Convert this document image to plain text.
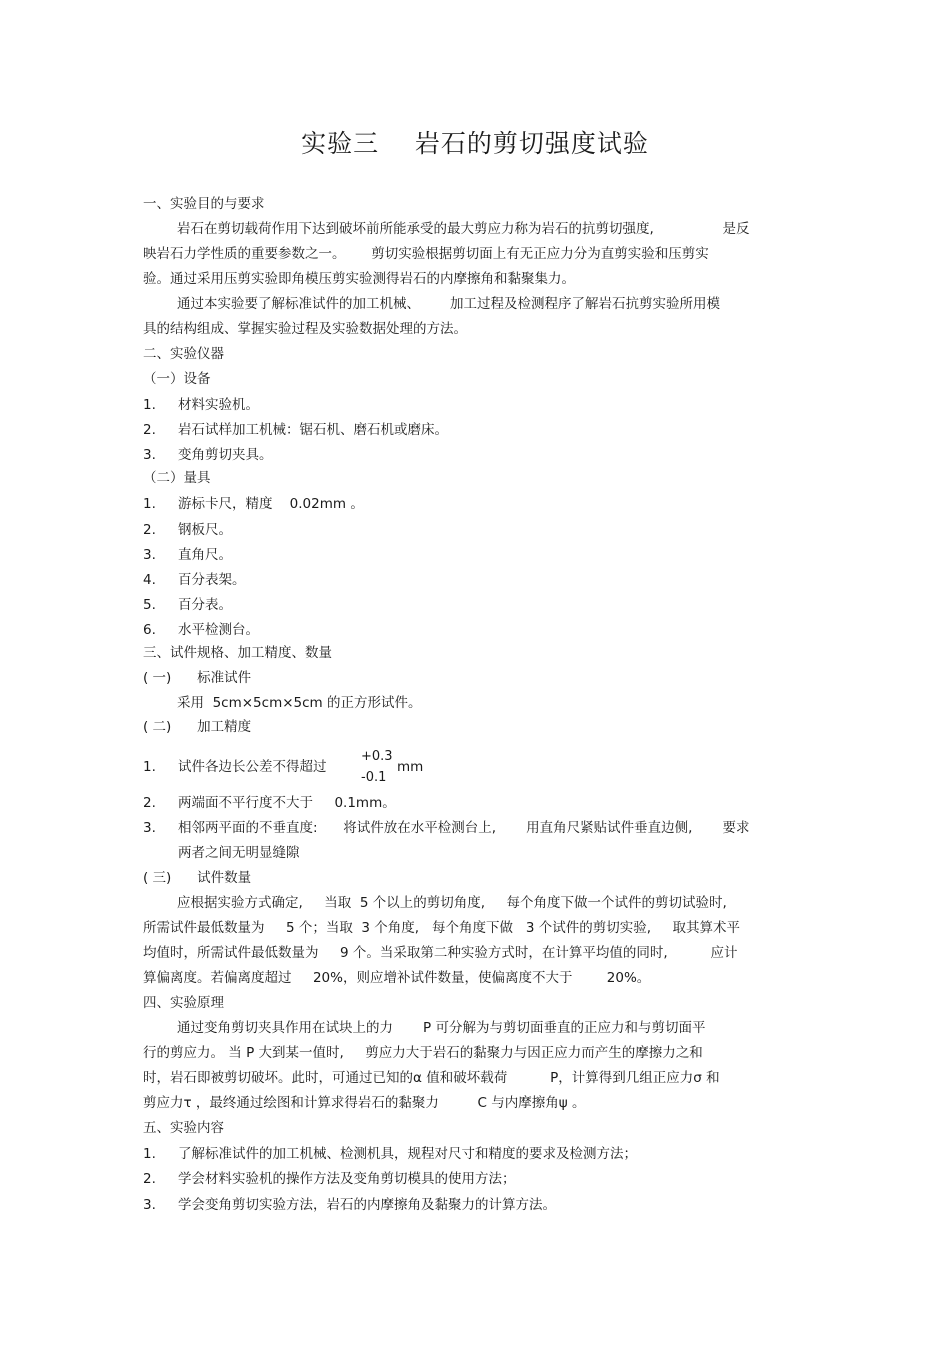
实验三    岩石的剪切强度试验
一、实验目的与要求
岩石在剪切载荷作用下达到破坏前所能承受的最大剪应力称为岩石的抗剪切强度,                是反
映岩石力学性质的重要参数之一。      剪切实验根据剪切面上有无正应力分为直剪实验和压剪实
验。通过采用压剪实验即角模压剪实验测得岩石的内摩擦角和黏聚集力。
通过本实验要了解标准试件的加工机械、       加工过程及检测程序了解岩石抗剪实验所用模
具的结构组成、掌握实验过程及实验数据处理的方法。
二、实验仪器
（一）设备
1. 材料实验机。
2. 岩石试样加工机械：锯石机、磨石机或磨床。
3. 变角剪切夹具。
（二）量具
1. 游标卡尺，精度    0.02mm 。
2. 钢板尺。
3. 直角尺。
4. 百分表架。
5. 百分表。
6. 水平检测台。
三、试件规格、加工精度、数量
( 一)      标准试件
采用  5cm×5cm×5cm 的正方形试件。
( 二)      加工精度
1. 试件各边长公差不得超过
+0.3
-0.1
mm
2. 两端面不平行度不大于     0.1mm。
3. 相邻两平面的不垂直度:      将试件放在水平检测台上,       用直角尺紧贴试件垂直边侧,       要求
两者之间无明显缝隙
( 三)      试件数量
应根据实验方式确定,     当取  5 个以上的剪切角度,     每个角度下做一个试件的剪切试验时,
所需试件最低数量为     5 个；当取  3 个角度,   每个角度下做   3 个试件的剪切实验,     取其算术平
均值时，所需试件最低数量为     9 个。当采取第二种实验方式时，在计算平均值的同时,          应计
算偏离度。若偏离度超过     20%，则应增补试件数量，使偏离度不大于        20%。
四、实验原理
通过变角剪切夹具作用在试块上的力       P 可分解为与剪切面垂直的正应力和与剪切面平
行的剪应力。 当 P 大到某一值时,     剪应力大于岩石的黏聚力与因正应力而产生的摩擦力之和
时，岩石即被剪切破坏。此时，可通过已知的α 值和破坏载荷          P，计算得到几组正应力σ 和
剪应力τ ，最终通过绘图和计算求得岩石的黏聚力         C 与内摩擦角ψ 。
五、实验内容
1. 了解标准试件的加工机械、检测机具，规程对尺寸和精度的要求及检测方法；
2. 学会材料实验机的操作方法及变角剪切模具的使用方法；
3. 学会变角剪切实验方法，岩石的内摩擦角及黏聚力的计算方法。
